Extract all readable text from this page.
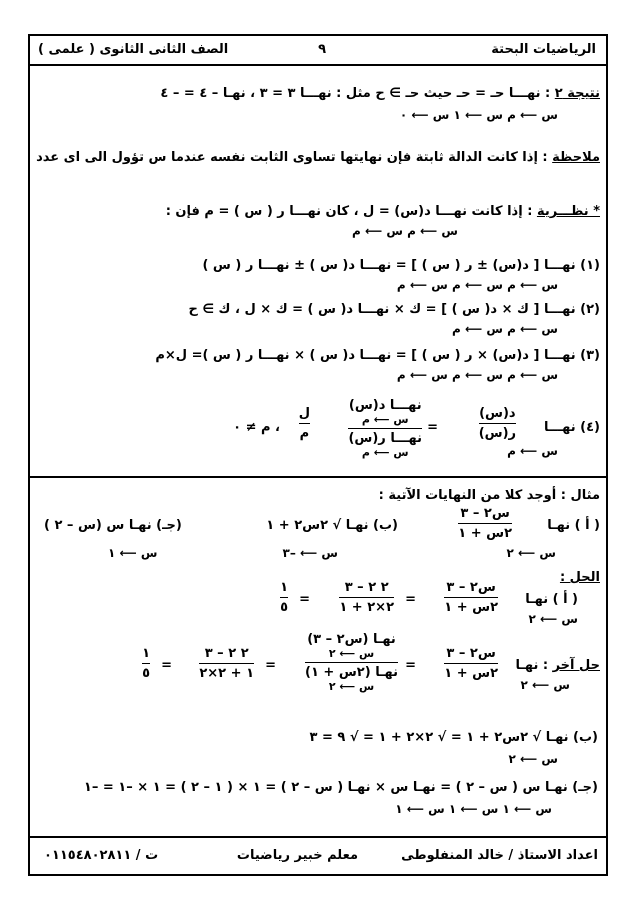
الرياضيات البحتة
٩
الصف الثانى الثانوى ( علمى )
نتيجة ٢ : نهـــا حـ = حـ حيث حـ ∋ ح مثل : نهـــا ٣ = ٣ ، نهـا – ٤ = – ٤
س ⟵ م س ⟵ ١ س ⟵ ٠
ملاحظة : إذا كانت الدالة ثابتة فإن نهايتها تساوى الثابت نفسه عندما س تؤول الى اى عدد
* نظـــرية : إذا كانت نهـــا د(س) = ل ، كان نهـــا ر ( س ) = م فإن :
س ⟵ م س ⟵ م
(١) نهـــا [ د(س) ± ر ( س ) ] = نهـــا د( س ) ± نهـــا ر ( س )
س ⟵ م س ⟵ م س ⟵ م
(٢) نهـــا [ ك × د( س ) ] = ك × نهـــا د( س ) = ك × ل ، ك ∋ ح
س ⟵ م س ⟵ م
(٣) نهـــا [ د(س) × ر ( س ) ] = نهـــا د( س ) × نهـــا ر ( س )= ل×م
س ⟵ م س ⟵ م س ⟵ م
(٤) نهـــا
د(س)
ر(س)
س ⟵ م
=
نهـــا د(س)
س ⟵ م
نهـــا ر(س)
س ⟵ م
ل
م
، م ≠ ٠
مثال : أوجد كلا من النهايات الآتية :
( أ ) نهـا
س٢ – ٣
٢س + ١
س ⟵ ٢
(ب) نهـا √ ٢س٢ + ١
س ⟵ –٣
(جـ) نهـا س (س – ٢ )
س ⟵ ١
الحل :
( أ ) نهـا
س ⟵ ٢
س٢ – ٣
٢س + ١
=
٢ ٢ – ٣
٢×٢ + ١
=
١
٥
حل آخر : نهـا
س ⟵ ٢
س٢ – ٣
٢س + ١
=
نهـا (س٢ – ٣)
س ⟵ ٢
نهـا (٢س + ١)
س ⟵ ٢
=
٢ ٢ – ٣
١ + ٢×٢
=
١
٥
(ب) نهـا √ ٢س٢ + ١ = √ ٢×٢ + ١ = √ ٩ = ٣
س ⟵ ٢
(جـ) نهـا س ( س – ٢ ) = نهـا س × نهـا ( س – ٢ ) = ١ × ( ١ – ٢ ) = ١ × –١ = –١
س ⟵ ١ س ⟵ ١ س ⟵ ١
اعداد الاستاذ / خالد المنفلوطى
معلم خبير رياضيات
ت / ٠١١٥٤٨٠٢٨١١
